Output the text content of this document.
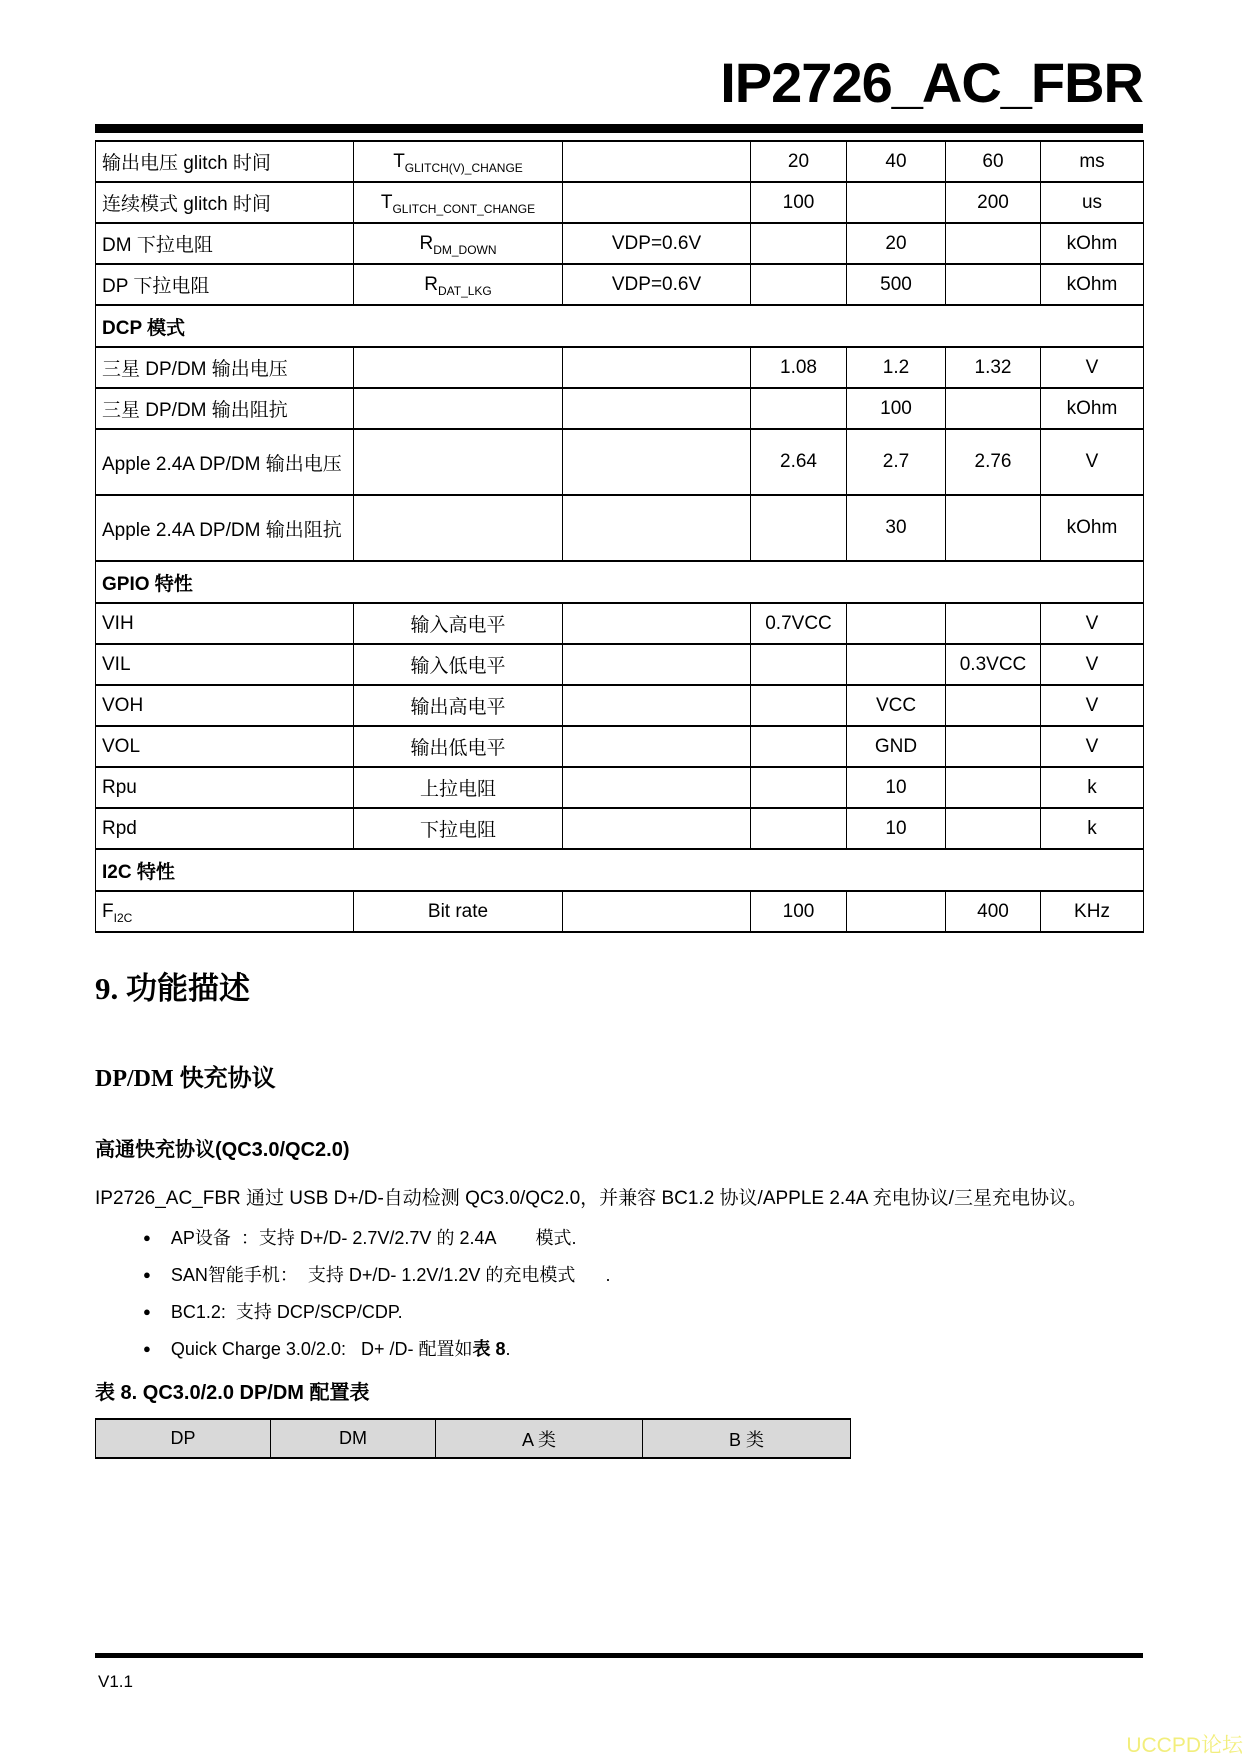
IP2726_AC_FBR
输出电压 glitch 时间	$T_{GLITCH(V)\_CHANGE}$		20	40	60	ms
连续模式 glitch 时间	$T_{GLITCH\_CONT\_CHANGE}$		100		200	us
DM 下拉电阻	$R_{DM\_DOWN}$	VDP=0.6V		20		kOhm
DP 下拉电阻	$R_{DAT\_LKG}$	VDP=0.6V		500		kOhm
DCP 模式						
三星 DP/DM 输出电压			1.08	1.2	1.32	V
三星 DP/DM 输出阻抗				100		kOhm
Apple 2.4A DP/DM 输出电压			2.64	2.7	2.76	V
Apple 2.4A DP/DM 输出阻抗				30		kOhm
GPIO 特性						
VIH	输入高电平		0.7VCC			V
VIL	输入低电平				0.3VCC	V
VOH	输出高电平			VCC		V
VOL	输出低电平			GND		V
Rpu	上拉电阻			10		k
Rpd	下拉电阻			10		k
I2C 特性						
$F_{I2C}$	Bit rate		100		400	KHz
9. 功能描述
DP/DM 快充协议
高通快充协议(QC3.0/QC2.0)
IP2726_AC_FBR 通过 USB D+/D-自动检测 QC3.0/QC2.0，并兼容 BC1.2 协议/APPLE 2.4A 充电协议/三星充电协议。
● AP设备  ：支持 D+/D- 2.7V/2.7V 的 2.4A        模式.
● SAN智能手机：  支持 D+/D- 1.2V/1.2V 的充电模式      .
● BC1.2:  支持 DCP/SCP/CDP.
● Quick Charge 3.0/2.0:   D+ /D- 配置如表 8.
表 8. QC3.0/2.0 DP/DM 配置表
DP	DM	A 类	B 类
V1.1
UCCPD论坛
